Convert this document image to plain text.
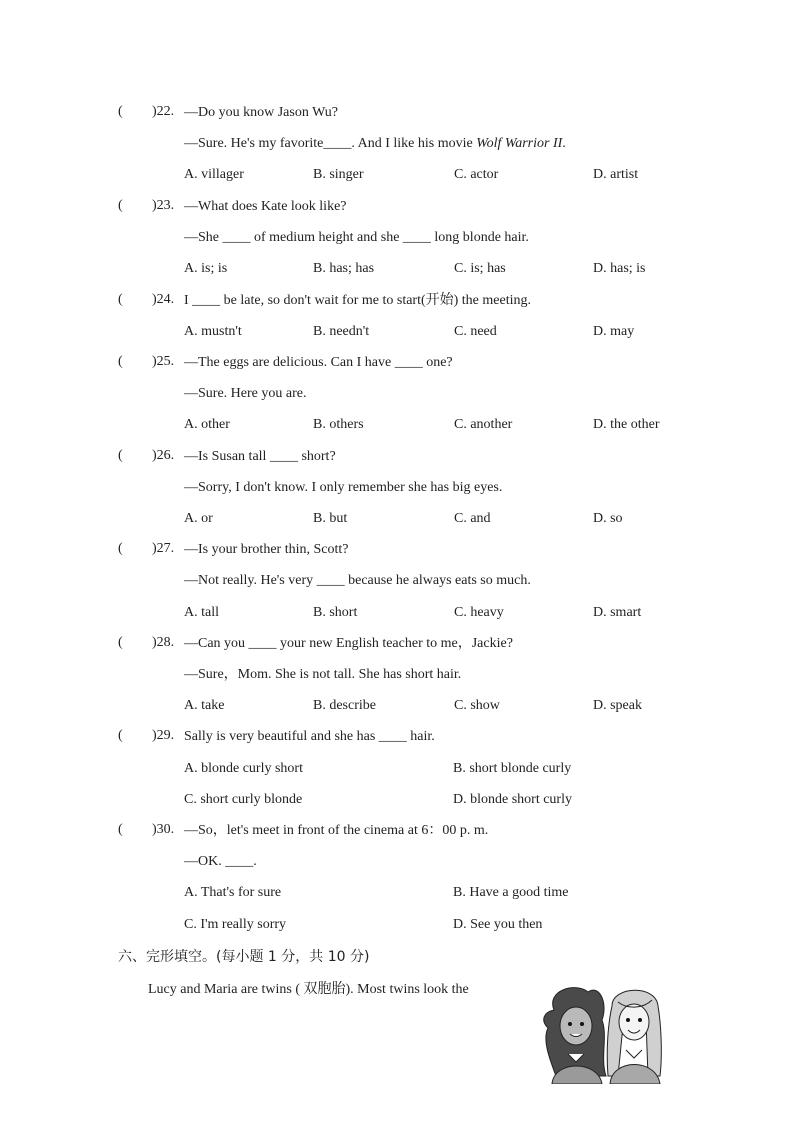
( )22. —Do you know Jason Wu?
—Sure. He's my favorite____. And I like his movie Wolf Warrior II.
A. villager	B. singer	C. actor	D. artist
( )23. —What does Kate look like?
—She ____ of medium height and she ____ long blonde hair.
A. is; is	B. has; has	C. is; has	D. has; is
( )24. I ____ be late, so don't wait for me to start(开始) the meeting.
A. mustn't	B. needn't	C. need	D. may
( )25. —The eggs are delicious. Can I have ____ one?
—Sure. Here you are.
A. other	B. others	C. another	D. the other
( )26. —Is Susan tall ____ short?
—Sorry, I don't know. I only remember she has big eyes.
A. or	B. but	C. and	D. so
( )27. —Is your brother thin, Scott?
—Not really. He's very ____ because he always eats so much.
A. tall	B. short	C. heavy	D. smart
( )28. —Can you ____ your new English teacher to me，Jackie?
—Sure，Mom. She is not tall. She has short hair.
A. take	B. describe	C. show	D. speak
( )29. Sally is very beautiful and she has ____ hair.
A. blonde curly short	B. short blonde curly
C. short curly blonde	D. blonde short curly
( )30. —So，let's meet in front of the cinema at 6：00 p. m.
—OK. ____.
A. That's for sure	B. Have a good time
C. I'm really sorry	D. See you then
六、完形填空。(每小题 1 分，共 10 分)
Lucy and Maria are twins ( 双胞胎). Most twins look the
